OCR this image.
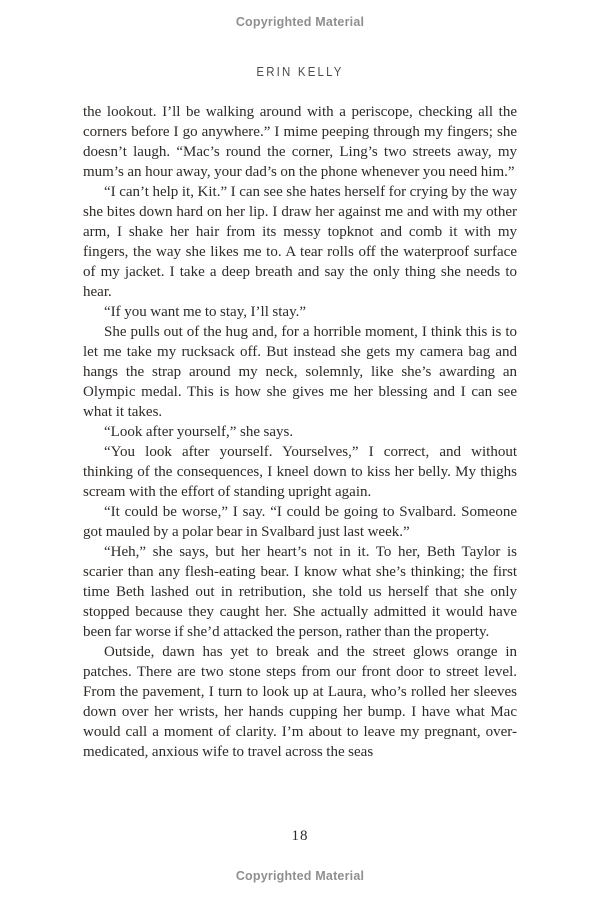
Copyrighted Material
ERIN KELLY

the lookout. I’ll be walking around with a periscope, checking all the corners before I go anywhere.” I mime peeping through my fingers; she doesn’t laugh. “Mac’s round the corner, Ling’s two streets away, my mum’s an hour away, your dad’s on the phone whenever you need him.”

“I can’t help it, Kit.” I can see she hates herself for crying by the way she bites down hard on her lip. I draw her against me and with my other arm, I shake her hair from its messy topknot and comb it with my fingers, the way she likes me to. A tear rolls off the waterproof surface of my jacket. I take a deep breath and say the only thing she needs to hear.

“If you want me to stay, I’ll stay.”

She pulls out of the hug and, for a horrible moment, I think this is to let me take my rucksack off. But instead she gets my camera bag and hangs the strap around my neck, solemnly, like she’s awarding an Olympic medal. This is how she gives me her blessing and I can see what it takes.

“Look after yourself,” she says.

“You look after yourself. Yourselves,” I correct, and without thinking of the consequences, I kneel down to kiss her belly. My thighs scream with the effort of standing upright again.

“It could be worse,” I say. “I could be going to Svalbard. Someone got mauled by a polar bear in Svalbard just last week.”

“Heh,” she says, but her heart’s not in it. To her, Beth Taylor is scarier than any flesh-eating bear. I know what she’s thinking; the first time Beth lashed out in retribution, she told us herself that she only stopped because they caught her. She actually admitted it would have been far worse if she’d attacked the person, rather than the property.

Outside, dawn has yet to break and the street glows orange in patches. There are two stone steps from our front door to street level. From the pavement, I turn to look up at Laura, who’s rolled her sleeves down over her wrists, her hands cupping her bump. I have what Mac would call a moment of clarity. I’m about to leave my pregnant, over-medicated, anxious wife to travel across the seas

18
Copyrighted Material
